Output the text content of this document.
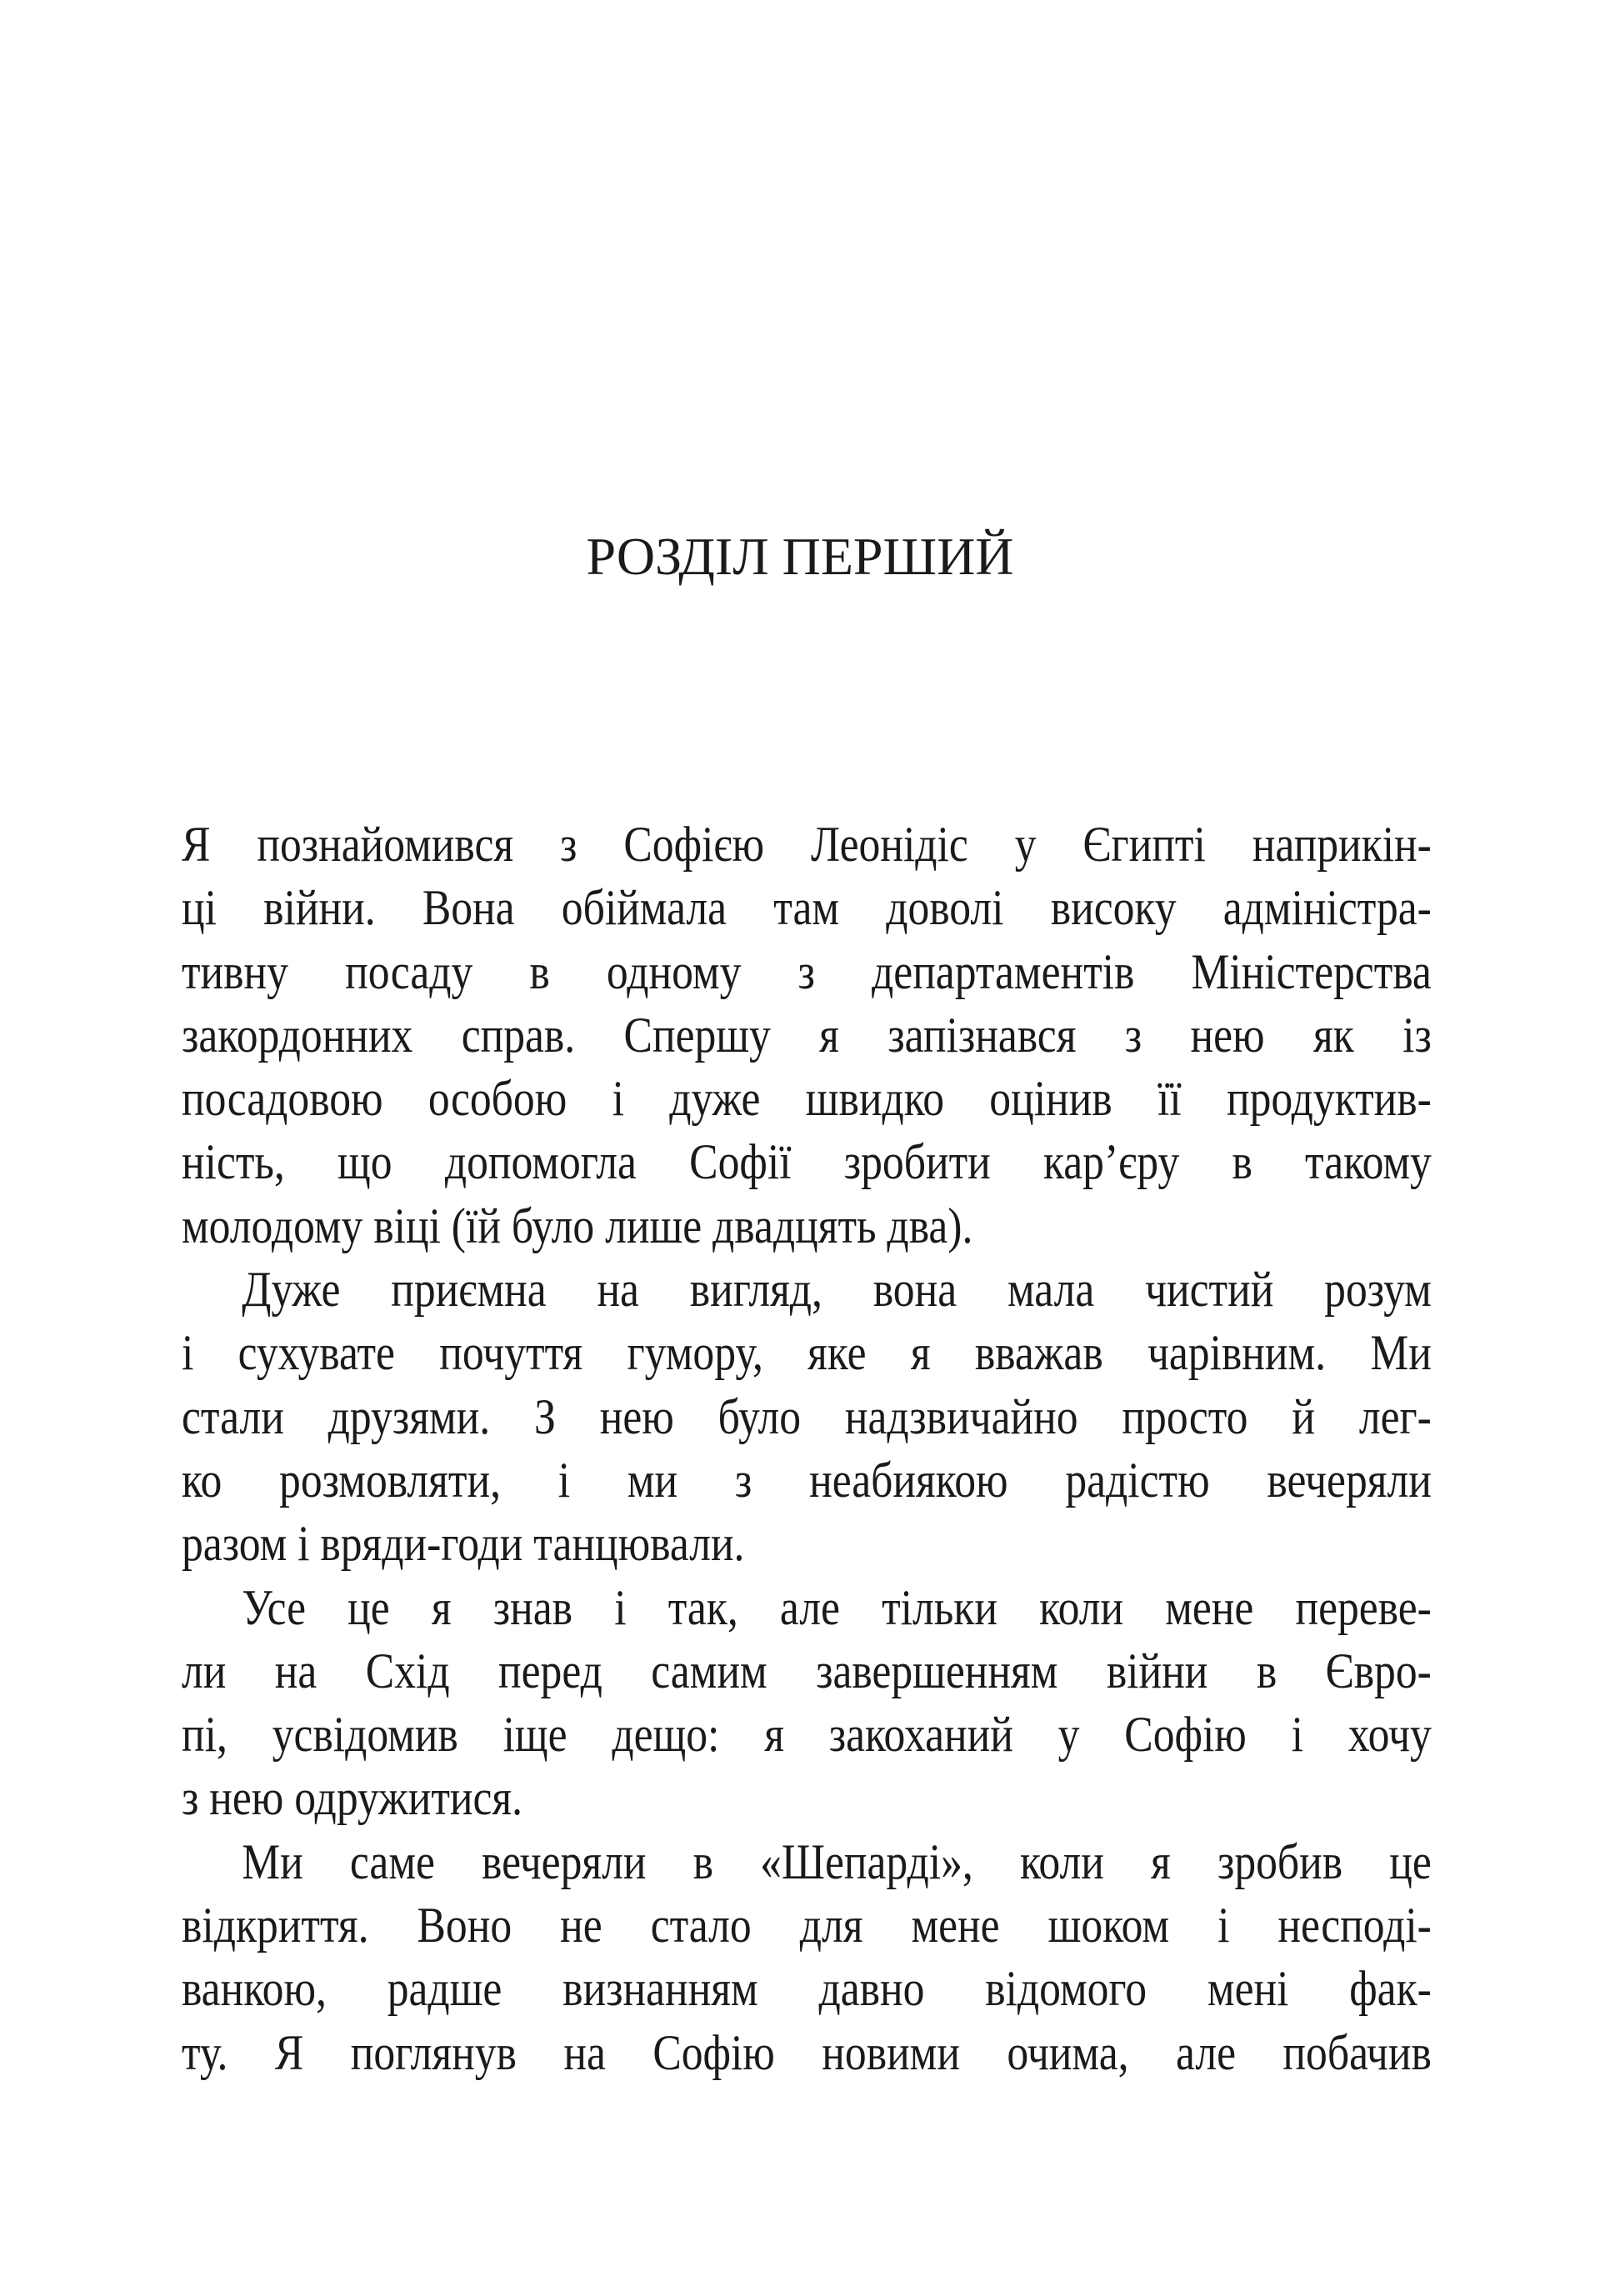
РОЗДІЛ ПЕРШИЙ
Я познайомився з Софією Леонідіс у Єгипті наприкін-
ці війни. Вона обіймала там доволі високу адміністра-
тивну посаду в одному з департаментів Міністерства
закордонних справ. Спершу я запізнався з нею як із
посадовою особою і дуже швидко оцінив її продуктив-
ність, що допомогла Софії зробити кар’єру в такому
молодому віці (їй було лише двадцять два).
Дуже приємна на вигляд, вона мала чистий розум
і сухувате почуття гумору, яке я вважав чарівним. Ми
стали друзями. З нею було надзвичайно просто й лег-
ко розмовляти, і ми з неабиякою радістю вечеряли
разом і вряди-годи танцювали.
Усе це я знав і так, але тільки коли мене переве-
ли на Схід перед самим завершенням війни в Євро-
пі, усвідомив іще дещо: я закоханий у Софію і хочу
з нею одружитися.
Ми саме вечеряли в «Шепарді», коли я зробив це
відкриття. Воно не стало для мене шоком і несподі-
ванкою, радше визнанням давно відомого мені фак-
ту. Я поглянув на Софію новими очима, але побачив
